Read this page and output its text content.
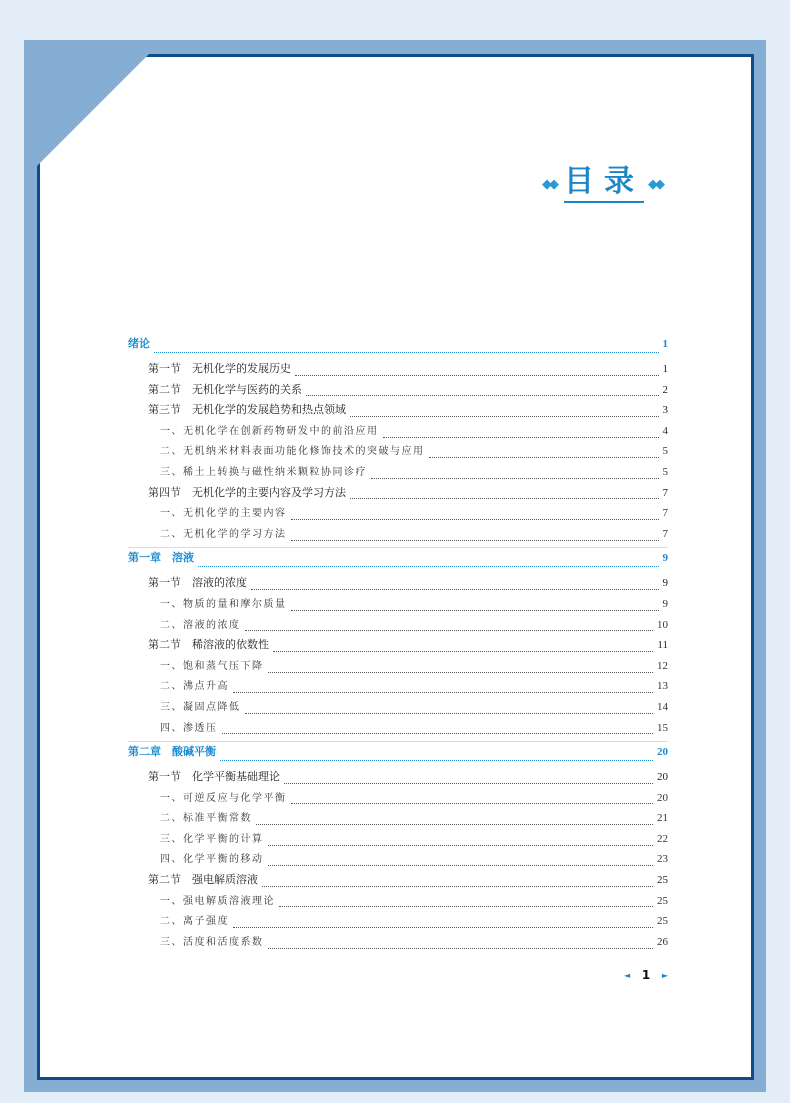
◆◆ 目录 ◆◆
绪论	1
第一节　无机化学的发展历史	1
第二节　无机化学与医药的关系	2
第三节　无机化学的发展趋势和热点领域	3
一、无机化学在创新药物研发中的前沿应用	4
二、无机纳米材料表面功能化修饰技术的突破与应用	5
三、稀土上转换与磁性纳米颗粒协同诊疗	5
第四节　无机化学的主要内容及学习方法	7
一、无机化学的主要内容	7
二、无机化学的学习方法	7
第一章　溶液	9
第一节　溶液的浓度	9
一、物质的量和摩尔质量	9
二、溶液的浓度	10
第二节　稀溶液的依数性	11
一、饱和蒸气压下降	12
二、沸点升高	13
三、凝固点降低	14
四、渗透压	15
第二章　酸碱平衡	20
第一节　化学平衡基础理论	20
一、可逆反应与化学平衡	20
二、标准平衡常数	21
三、化学平衡的计算	22
四、化学平衡的移动	23
第二节　强电解质溶液	25
一、强电解质溶液理论	25
二、离子强度	25
三、活度和活度系数	26
◄ 1 ►
